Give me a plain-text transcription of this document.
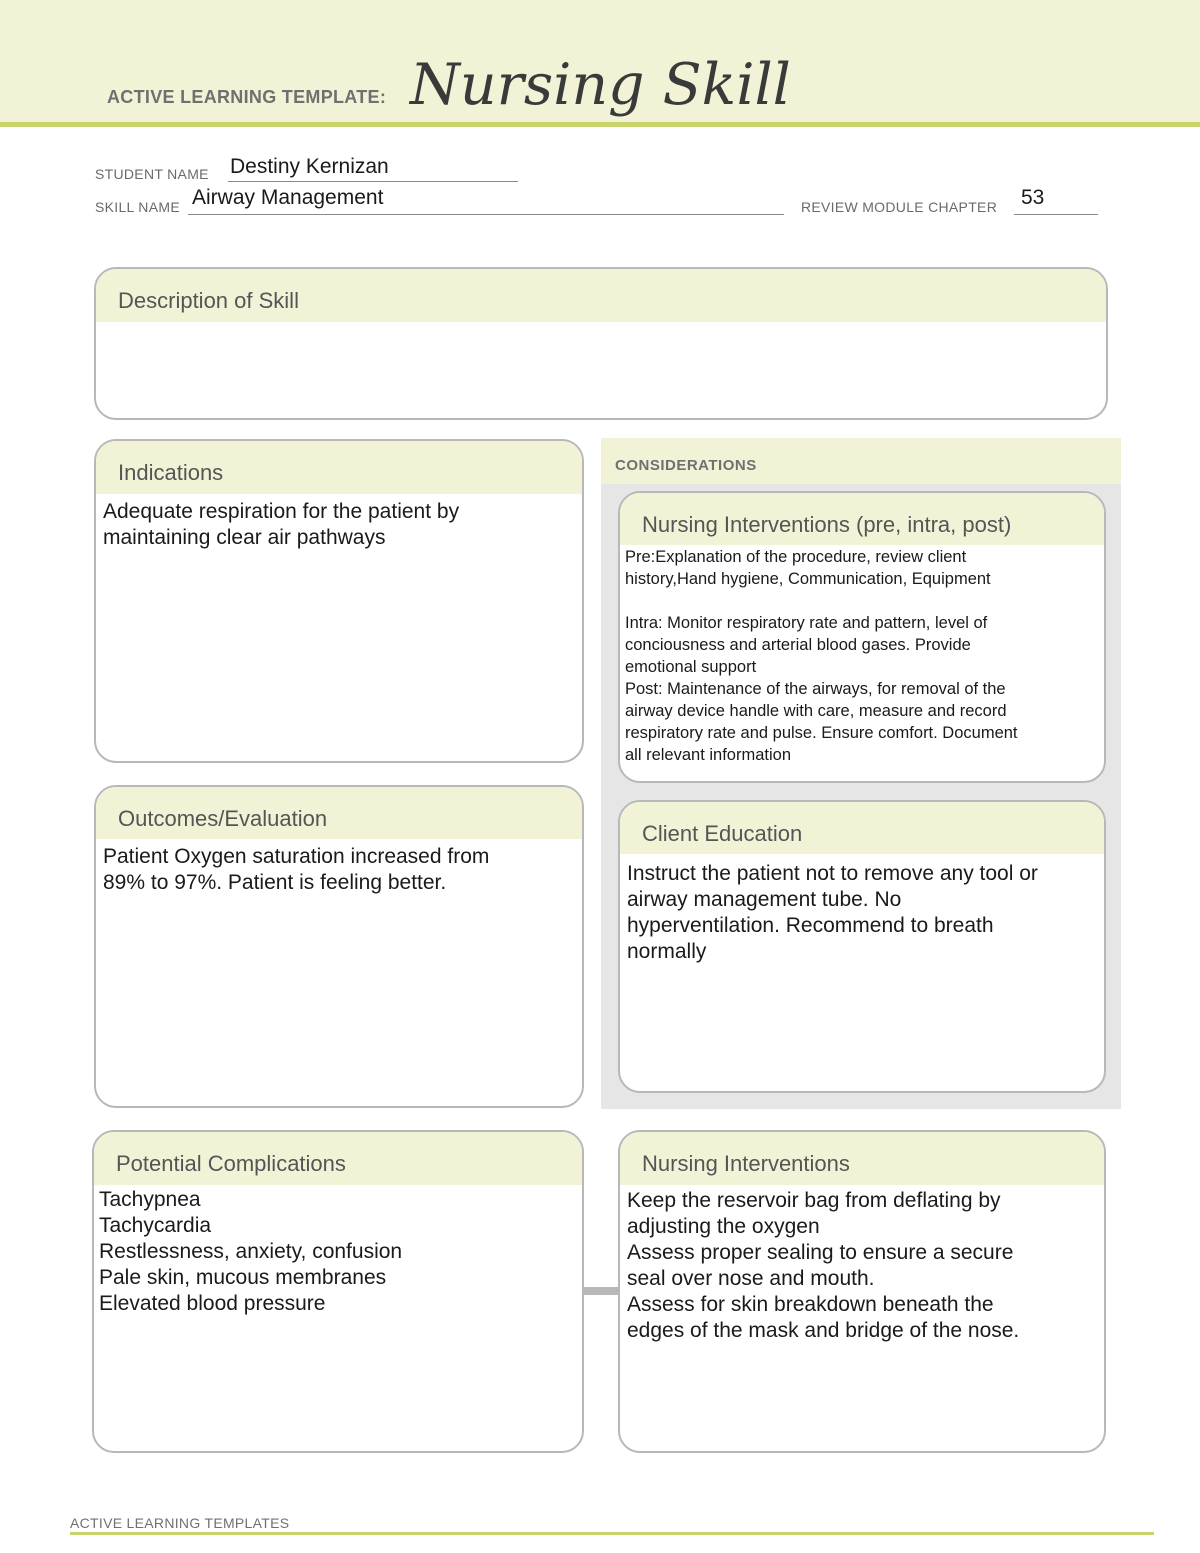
ACTIVE LEARNING TEMPLATE: Nursing Skill
STUDENT NAME Destiny Kernizan
SKILL NAME Airway Management	REVIEW MODULE CHAPTER 53
Description of Skill
Indications
Adequate respiration for the patient by
maintaining clear air pathways
CONSIDERATIONS
Nursing Interventions (pre, intra, post)
Pre:Explanation of the procedure, review client
history,Hand hygiene, Communication, Equipment
Intra: Monitor respiratory rate and pattern, level of
conciousness and arterial blood gases. Provide
emotional support
Post: Maintenance of the airways, for removal of the
airway device handle with care, measure and record
respiratory rate and pulse. Ensure comfort. Document
all relevant information
Outcomes/Evaluation
Patient Oxygen saturation increased from
89% to 97%. Patient is feeling better.
Client Education
Instruct the patient not to remove any tool or
airway management tube. No
hyperventilation. Recommend to breath
normally
Potential Complications
Tachypnea
Tachycardia
Restlessness, anxiety, confusion
Pale skin, mucous membranes
Elevated blood pressure
Nursing Interventions
Keep the reservoir bag from deflating by
adjusting the oxygen
Assess proper sealing to ensure a secure
seal over nose and mouth.
Assess for skin breakdown beneath the
edges of the mask and bridge of the nose.
ACTIVE LEARNING TEMPLATES
